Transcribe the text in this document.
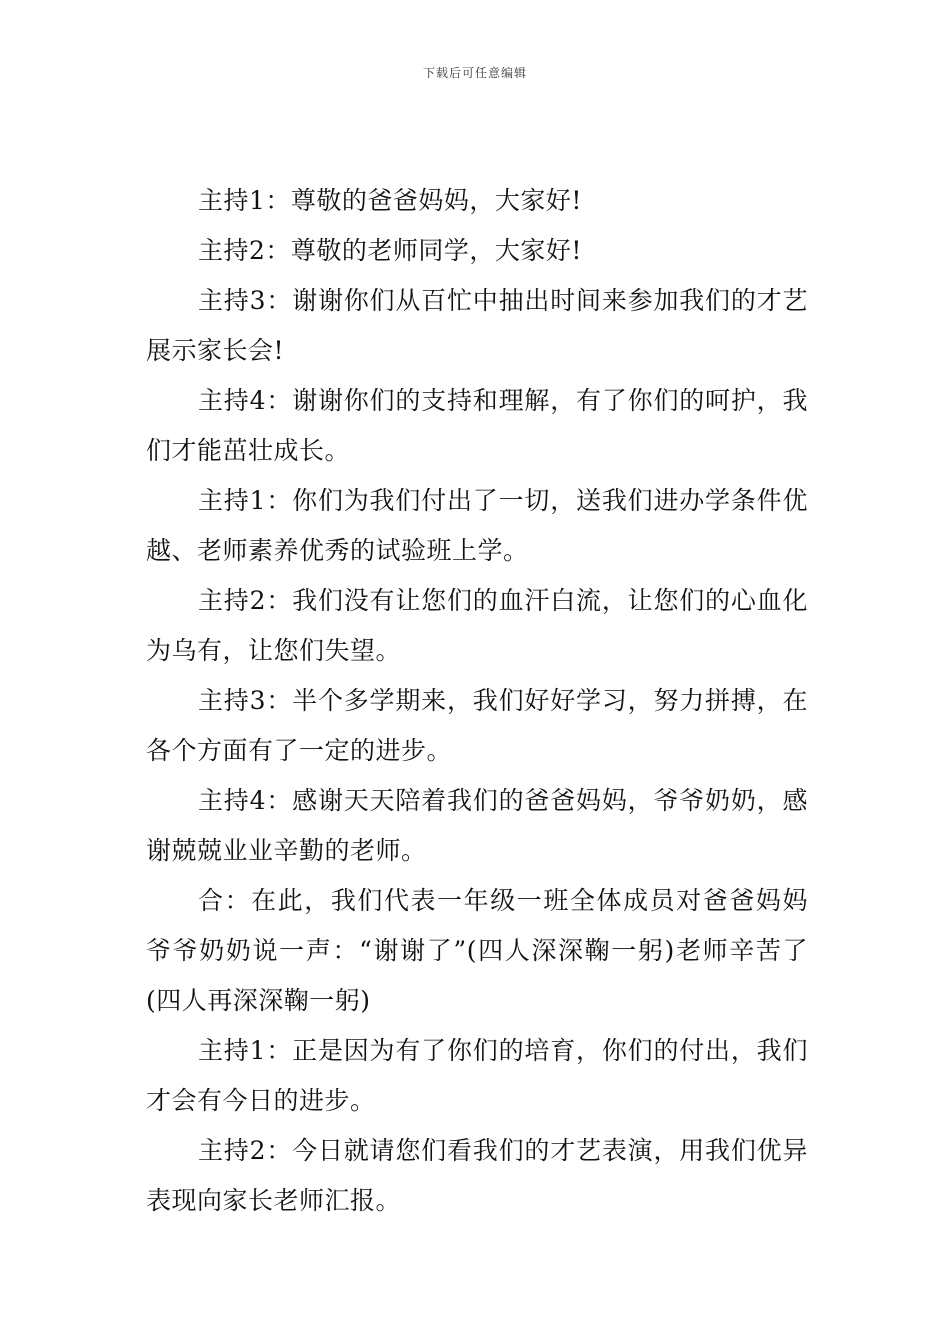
下载后可任意编辑

主持1：尊敬的爸爸妈妈，大家好!

主持2：尊敬的老师同学，大家好!

主持3：谢谢你们从百忙中抽出时间来参加我们的才艺展示家长会!

主持4：谢谢你们的支持和理解，有了你们的呵护，我们才能茁壮成长。

主持1：你们为我们付出了一切，送我们进办学条件优越、老师素养优秀的试验班上学。

主持2：我们没有让您们的血汗白流，让您们的心血化为乌有，让您们失望。

主持3：半个多学期来，我们好好学习，努力拼搏，在各个方面有了一定的进步。

主持4：感谢天天陪着我们的爸爸妈妈，爷爷奶奶，感谢兢兢业业辛勤的老师。

合：在此，我们代表一年级一班全体成员对爸爸妈妈爷爷奶奶说一声：“谢谢了”(四人深深鞠一躬)老师辛苦了(四人再深深鞠一躬)

主持1：正是因为有了你们的培育，你们的付出，我们才会有今日的进步。

主持2：今日就请您们看我们的才艺表演，用我们优异表现向家长老师汇报。
